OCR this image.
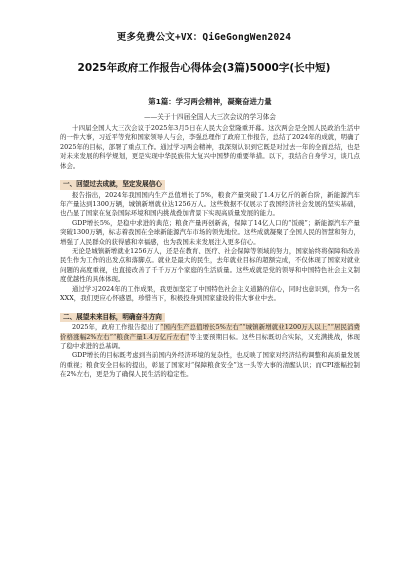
更多免费公文+VX：QiGeGongWen2024
2025年政府工作报告心得体会(3篇)5000字(长中短)
第1篇：学习两会精神，凝聚奋进力量
——关于十四届全国人大三次会议的学习体会

十四届全国人大三次会议于2025年3月5日在人民大会堂隆重开幕。这次两会是全国人民政治生活中的一件大事，习近平等党和国家领导人与会，李强总理作了政府工作报告，总结了2024年的成就，明确了2025年的目标，部署了重点工作。通过学习两会精神，我深刻认识到它既是对过去一年的全面总结，也是对未来发展的科学规划，更是实现中华民族伟大复兴中国梦的重要举措。以下，我结合自身学习，谈几点体会。

一、回望过去成就，坚定发展信心

报告指出，2024年我国国内生产总值增长了5%，粮食产量突破了1.4万亿斤的新台阶，新能源汽车年产量达到1300万辆，城镇新增就业达1256万人。这些数据不仅展示了我国经济社会发展的坚实基础，也凸显了国家在复杂国际环境和国内挑战叠加背景下实现高质量发展的能力。

GDP增长5%，是稳中求进的典范；粮食产量再创新高，保障了14亿人口的“饭碗”；新能源汽车产量突破1300万辆，标志着我国在全球新能源汽车市场的领先地位。这些成就凝聚了全国人民的智慧和努力，增强了人民群众的获得感和幸福感，也为我国未来发展注入更多信心。

无论是城镇新增就业1256万人，还是在教育、医疗、社会保障等领域的努力，国家始终将保障和改善民生作为工作的出发点和落脚点。就业是最大的民生，去年就业目标的超额完成，不仅体现了国家对就业问题的高度重视，也直接改善了千千万万个家庭的生活质量。这些成就是党的领导和中国特色社会主义制度优越性的具体体现。

通过学习2024年的工作成果，我更加坚定了中国特色社会主义道路的信心，同时也意识到，作为一名XXX，我们更应心怀感恩，珍惜当下，积极投身到国家建设的伟大事业中去。

二、展望未来目标，明确奋斗方向

2025年，政府工作报告提出了“国内生产总值增长5%左右”“城镇新增就业1200万人以上”“居民消费价格涨幅2%左右”“粮食产量1.4万亿斤左右”等主要预期目标。这些目标既切合实际，又充满挑战，体现了稳中求进的总基调。

GDP增长的目标既考虑到当前国内外经济环境的复杂性，也反映了国家对经济结构调整和高质量发展的重视；粮食安全目标的提出，彰显了国家对“保障粮食安全”这一头等大事的清醒认识；而CPI涨幅控制在2%左右，更是为了确保人民生活的稳定性。
